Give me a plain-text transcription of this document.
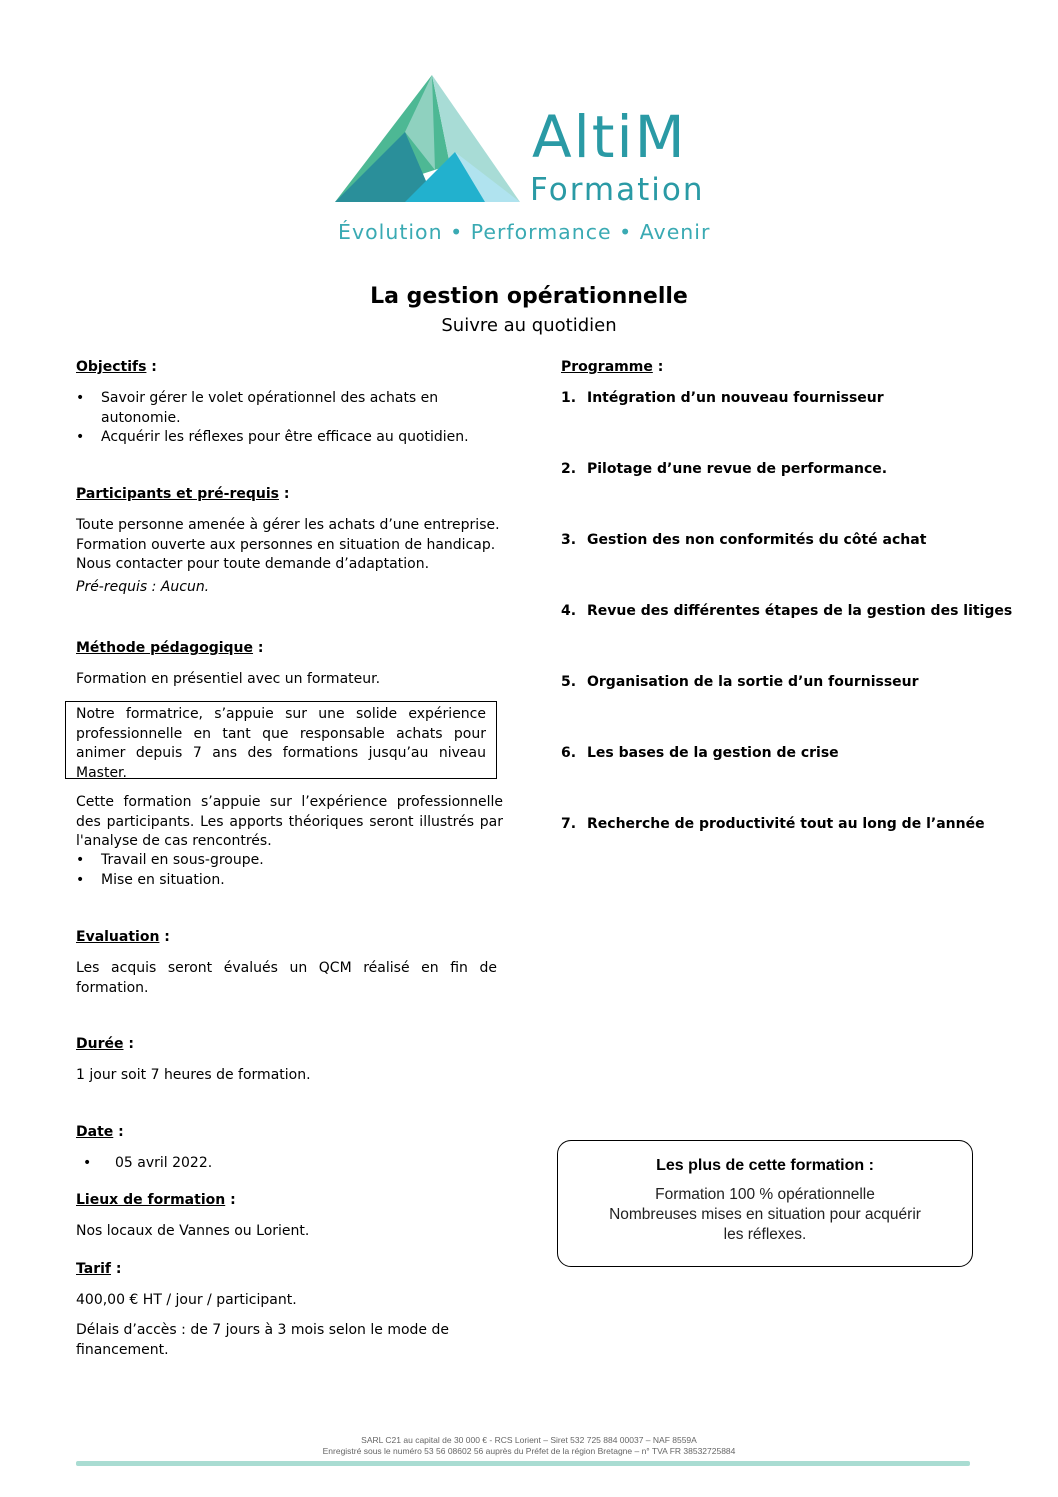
AltiM
Formation
Évolution • Performance • Avenir
La gestion opérationnelle
Suivre au quotidien
Objectifs :
• Savoir gérer le volet opérationnel des achats en autonomie.
• Acquérir les réflexes pour être efficace au quotidien.
Participants et pré-requis :
Toute personne amenée à gérer les achats d’une entreprise.
Formation ouverte aux personnes en situation de handicap.
Nous contacter pour toute demande d’adaptation.
Pré-requis : Aucun.
Méthode pédagogique :
Formation en présentiel avec un formateur.
Notre formatrice, s’appuie sur une solide expérience professionnelle en tant que responsable achats pour animer depuis 7 ans des formations jusqu’au niveau Master.
Cette formation s’appuie sur l’expérience professionnelle des participants. Les apports théoriques seront illustrés par l'analyse de cas rencontrés.
• Travail en sous-groupe.
• Mise en situation.
Evaluation :
Les acquis seront évalués un QCM réalisé en fin de formation.
Durée :
1 jour soit 7 heures de formation.
Date :
• 05 avril 2022.
Lieux de formation :
Nos locaux de Vannes ou Lorient.
Tarif :
400,00 € HT / jour / participant.
Délais d’accès : de 7 jours à 3 mois selon le mode de financement.
Programme :
1. Intégration d’un nouveau fournisseur
2. Pilotage d’une revue de performance.
3. Gestion des non conformités du côté achat
4. Revue des différentes étapes de la gestion des litiges
5. Organisation de la sortie d’un fournisseur
6. Les bases de la gestion de crise
7. Recherche de productivité tout au long de l’année
Les plus de cette formation :
Formation 100 % opérationnelle
Nombreuses mises en situation pour acquérir
les réflexes.
SARL C21 au capital de 30 000 € - RCS Lorient – Siret 532 725 884 00037 – NAF 8559A
Enregistré sous le numéro 53 56 08602 56 auprès du Préfet de la région Bretagne – n° TVA FR 38532725884
